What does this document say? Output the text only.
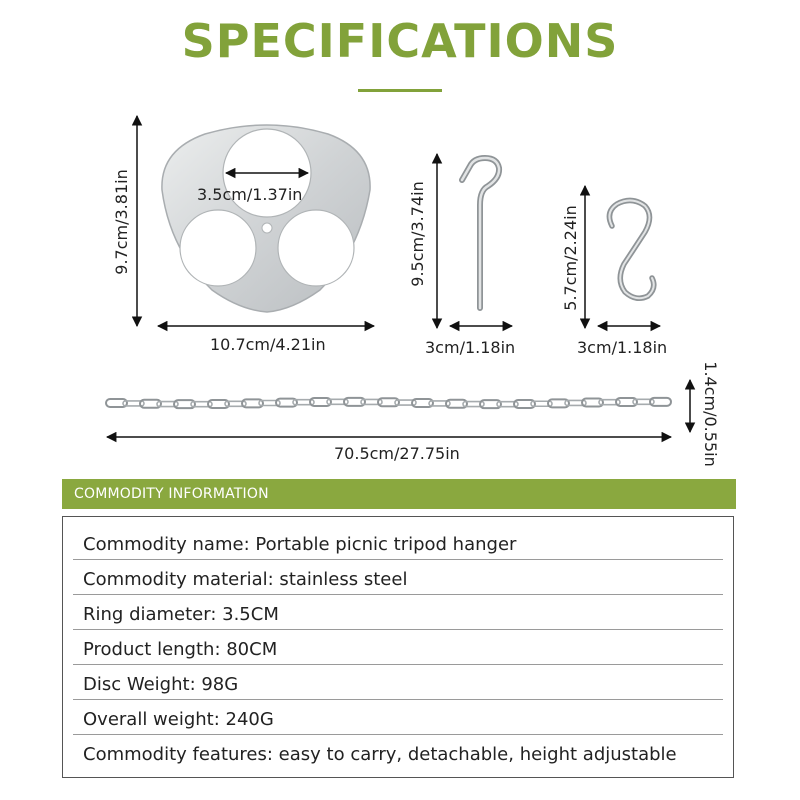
SPECIFICATIONS
9.7cm/3.81in
10.7cm/4.21in
3.5cm/1.37in	9.5cm/3.74in
3cm/1.18in
5.7cm/2.24in
3cm/1.18in
70.5cm/27.75in	1.4cm/0.55in
COMMODITY INFORMATION
Commodity name: Portable picnic tripod hanger
Commodity material: stainless steel
Ring diameter: 3.5CM
Product length: 80CM
Disc Weight: 98G
Overall weight: 240G
Commodity features: easy to carry, detachable, height adjustable
